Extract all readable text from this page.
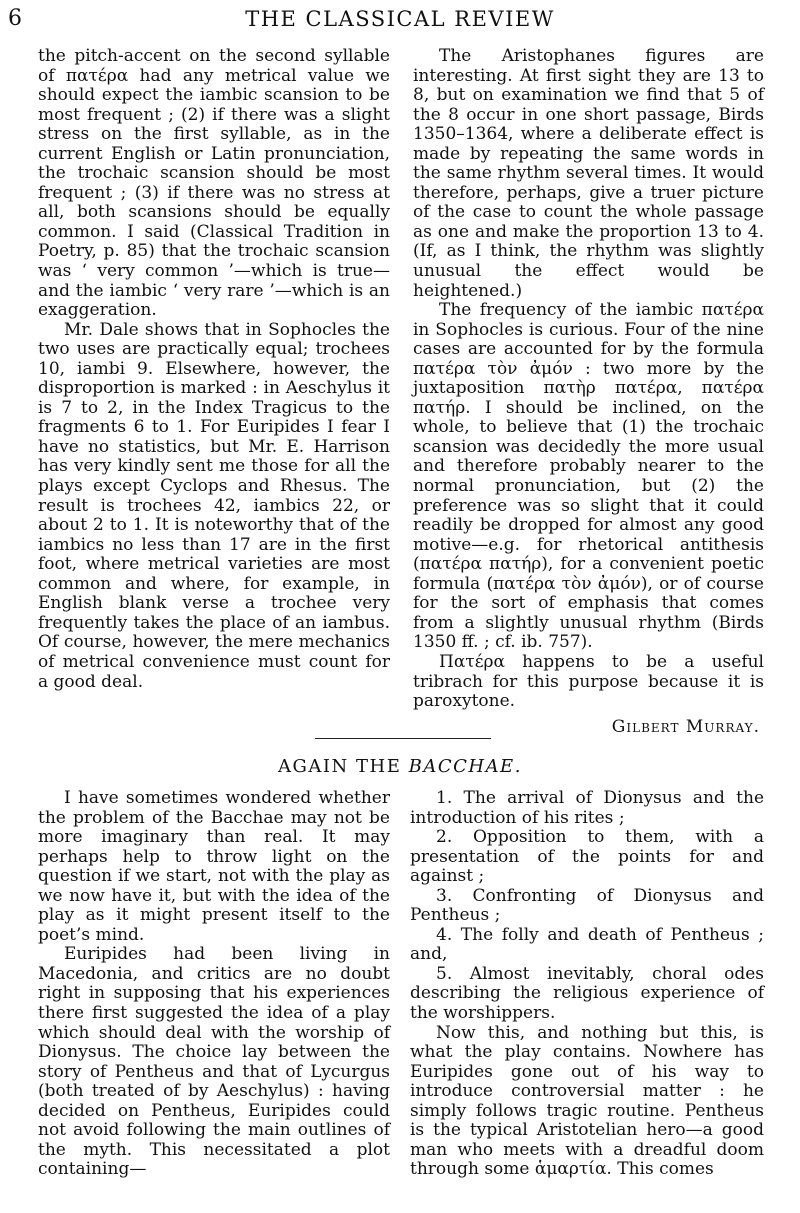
6	THE CLASSICAL REVIEW

the pitch-accent on the second syllable of πατέρα had any metrical value we should expect the iambic scansion to be most frequent ; (2) if there was a slight stress on the first syllable, as in the current English or Latin pronunciation, the trochaic scansion should be most frequent ; (3) if there was no stress at all, both scansions should be equally common. I said (Classical Tradition in Poetry, p. 85) that the trochaic scansion was ‘ very common ’—which is true—and the iambic ‘ very rare ’—which is an exaggeration.

Mr. Dale shows that in Sophocles the two uses are practically equal; trochees 10, iambi 9. Elsewhere, however, the disproportion is marked : in Aeschylus it is 7 to 2, in the Index Tragicus to the fragments 6 to 1. For Euripides I fear I have no statistics, but Mr. E. Harrison has very kindly sent me those for all the plays except Cyclops and Rhesus. The result is trochees 42, iambics 22, or about 2 to 1. It is noteworthy that of the iambics no less than 17 are in the first foot, where metrical varieties are most common and where, for example, in English blank verse a trochee very frequently takes the place of an iambus. Of course, however, the mere mechanics of metrical convenience must count for a good deal.

The Aristophanes figures are interesting. At first sight they are 13 to 8, but on examination we find that 5 of the 8 occur in one short passage, Birds 1350–1364, where a deliberate effect is made by repeating the same words in the same rhythm several times. It would therefore, perhaps, give a truer picture of the case to count the whole passage as one and make the proportion 13 to 4. (If, as I think, the rhythm was slightly unusual the effect would be heightened.)

The frequency of the iambic πατέρα in Sophocles is curious. Four of the nine cases are accounted for by the formula πατέρα τὸν ἀμόν : two more by the juxtaposition πατὴρ πατέρα, πατέρα πατήρ. I should be inclined, on the whole, to believe that (1) the trochaic scansion was decidedly the more usual and therefore probably nearer to the normal pronunciation, but (2) the preference was so slight that it could readily be dropped for almost any good motive—e.g. for rhetorical antithesis (πατέρα πατήρ), for a convenient poetic formula (πατέρα τὸν ἀμόν), or of course for the sort of emphasis that comes from a slightly unusual rhythm (Birds 1350 ff. ; cf. ib. 757).

Πατέρα happens to be a useful tribrach for this purpose because it is paroxytone.

Gilbert Murray.

AGAIN THE BACCHAE.

I have sometimes wondered whether the problem of the Bacchae may not be more imaginary than real. It may perhaps help to throw light on the question if we start, not with the play as we now have it, but with the idea of the play as it might present itself to the poet’s mind.

Euripides had been living in Macedonia, and critics are no doubt right in supposing that his experiences there first suggested the idea of a play which should deal with the worship of Dionysus. The choice lay between the story of Pentheus and that of Lycurgus (both treated of by Aeschylus) : having decided on Pentheus, Euripides could not avoid following the main outlines of the myth. This necessitated a plot containing—

1. The arrival of Dionysus and the introduction of his rites ;

2. Opposition to them, with a presentation of the points for and against ;

3. Confronting of Dionysus and Pentheus ;

4. The folly and death of Pentheus ; and,

5. Almost inevitably, choral odes describing the religious experience of the worshippers.

Now this, and nothing but this, is what the play contains. Nowhere has Euripides gone out of his way to introduce controversial matter : he simply follows tragic routine. Pentheus is the typical Aristotelian hero—a good man who meets with a dreadful doom through some ἁμαρτία. This comes
